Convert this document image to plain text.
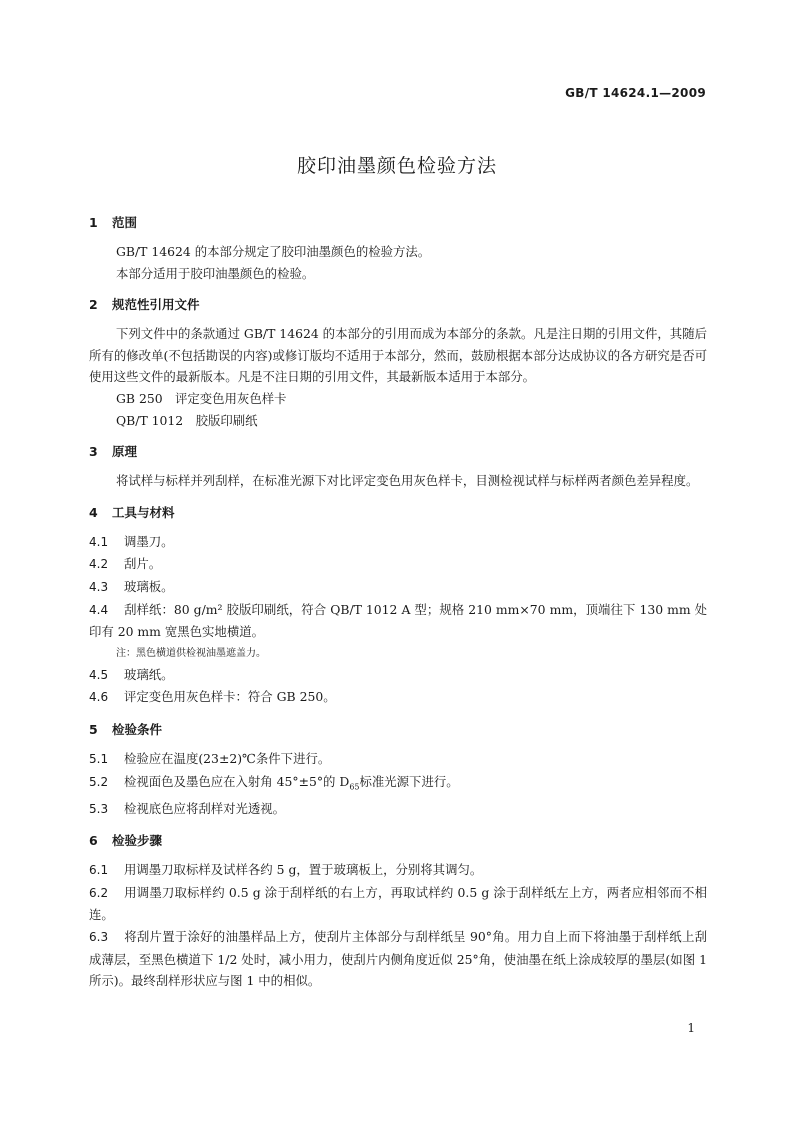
GB/T 14624.1—2009
胶印油墨颜色检验方法
1 范围
GB/T 14624 的本部分规定了胶印油墨颜色的检验方法。
本部分适用于胶印油墨颜色的检验。
2 规范性引用文件
下列文件中的条款通过 GB/T 14624 的本部分的引用而成为本部分的条款。凡是注日期的引用文件，其随后所有的修改单(不包括勘误的内容)或修订版均不适用于本部分，然而，鼓励根据本部分达成协议的各方研究是否可使用这些文件的最新版本。凡是不注日期的引用文件，其最新版本适用于本部分。
GB 250　 评定变色用灰色样卡
QB/T 1012　 胶版印刷纸
3 原理
将试样与标样并列刮样，在标准光源下对比评定变色用灰色样卡，目测检视试样与标样两者颜色差异程度。
4 工具与材料
4.1 调墨刀。
4.2 刮片。
4.3 玻璃板。
4.4 刮样纸：80 g/m² 胶版印刷纸，符合 QB/T 1012 A 型；规格 210 mm×70 mm，顶端往下 130 mm 处印有 20 mm 宽黑色实地横道。
注：黑色横道供检视油墨遮盖力。
4.5 玻璃纸。
4.6 评定变色用灰色样卡：符合 GB 250。
5 检验条件
5.1 检验应在温度(23±2)℃条件下进行。
5.2 检视面色及墨色应在入射角 45°±5°的 $D_{65}$标准光源下进行。
5.3 检视底色应将刮样对光透视。
6 检验步骤
6.1 用调墨刀取标样及试样各约 5 g，置于玻璃板上，分别将其调匀。
6.2 用调墨刀取标样约 0.5 g 涂于刮样纸的右上方，再取试样约 0.5 g 涂于刮样纸左上方，两者应相邻而不相连。
6.3 将刮片置于涂好的油墨样品上方，使刮片主体部分与刮样纸呈 90°角。用力自上而下将油墨于刮样纸上刮成薄层，至黑色横道下 1/2 处时，减小用力，使刮片内侧角度近似 25°角，使油墨在纸上涂成较厚的墨层(如图 1 所示)。最终刮样形状应与图 1 中的相似。
1
